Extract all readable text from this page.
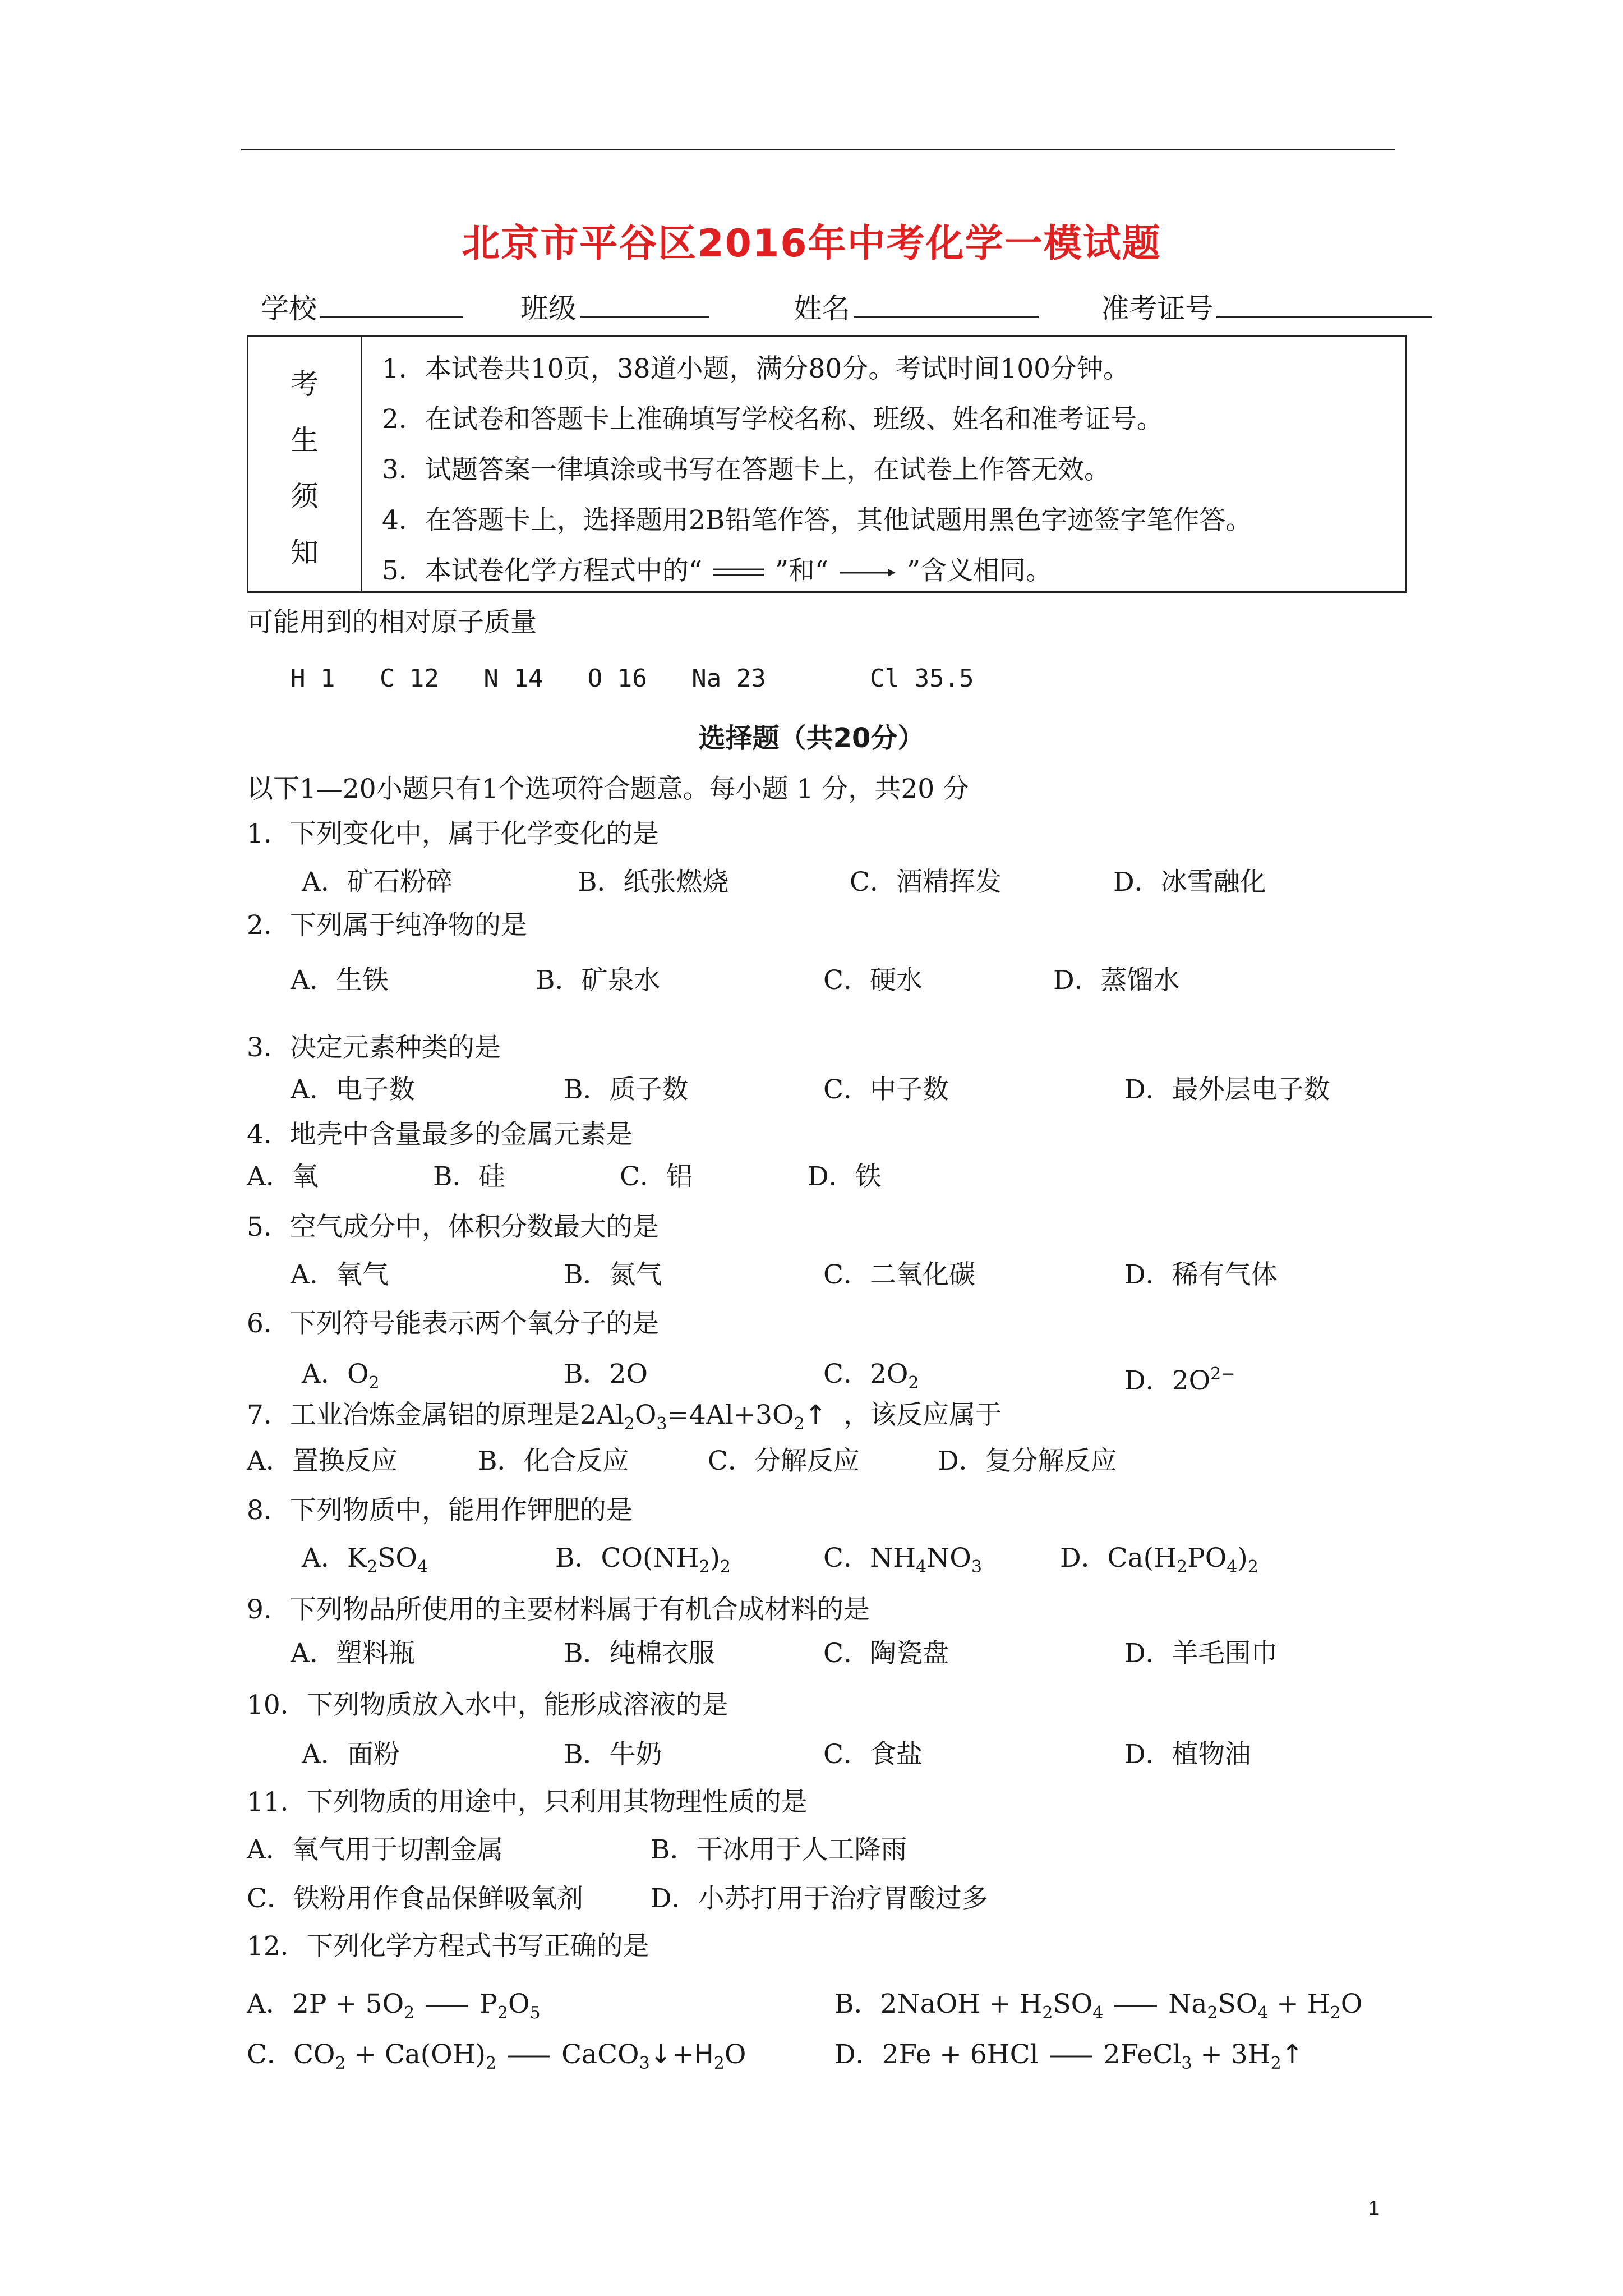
北京市平谷区2016年中考化学一模试题
学校	班级	姓名	准考证号
考
生
须
知
1．本试卷共10页，38道小题，满分80分。考试时间100分钟。
2．在试卷和答题卡上准确填写学校名称、班级、姓名和准考证号。
3．试题答案一律填涂或书写在答题卡上，在试卷上作答无效。
4．在答题卡上，选择题用2B铅笔作答，其他试题用黑色字迹签字笔作答。
5．本试卷化学方程式中的“	”和“	”含义相同。
可能用到的相对原子质量
H 1   C 12   N 14   O 16   Na 23       Cl 35.5
选择题（共20分）
以下1—20小题只有1个选项符合题意。每小题 1 分，共20 分
1．下列变化中，属于化学变化的是
A．矿石粉碎	B．纸张燃烧	C．酒精挥发	D．冰雪融化
2．下列属于纯净物的是
A．生铁	B．矿泉水	C．硬水	D．蒸馏水
3．决定元素种类的是
A．电子数	B．质子数	C．中子数	D．最外层电子数
4．地壳中含量最多的金属元素是
A．氧	B．硅	C．铝	D．铁
5．空气成分中，体积分数最大的是
A．氧气	B．氮气	C．二氧化碳	D．稀有气体
6．下列符号能表示两个氧分子的是
A．$O_2$	B．2O	C．$2O_2$	D．$2O^{2-}$
7．工业冶炼金属铝的原理是$2Al_2O_3=4Al+3O_2↑$ ，该反应属于
A．置换反应	B．化合反应	C．分解反应	D．复分解反应
8．下列物质中，能用作钾肥的是
A．$K_2SO_4$	B．$CO(NH_2)_2$	C．$NH_4NO_3$	D．$Ca(H_2PO_4)_2$
9．下列物品所使用的主要材料属于有机合成材料的是
A．塑料瓶	B．纯棉衣服	C．陶瓷盘	D．羊毛围巾
10．下列物质放入水中，能形成溶液的是
A．面粉	B．牛奶	C．食盐	D．植物油
11．下列物质的用途中，只利用其物理性质的是
A．氧气用于切割金属	B．干冰用于人工降雨
C．铁粉用作食品保鲜吸氧剂	D．小苏打用于治疗胃酸过多
12．下列化学方程式书写正确的是
A．$2P + 5O_2$ $P_2O_5$	B．2NaOH + $H_2SO_4$ $Na_2SO_4 + H_2O$
C．$CO_2 + Ca(OH)_2$ $CaCO_3↓+H_2O$	D．2Fe + 6HCl 2FeCl$_3$ + $3H_2↑$
1
